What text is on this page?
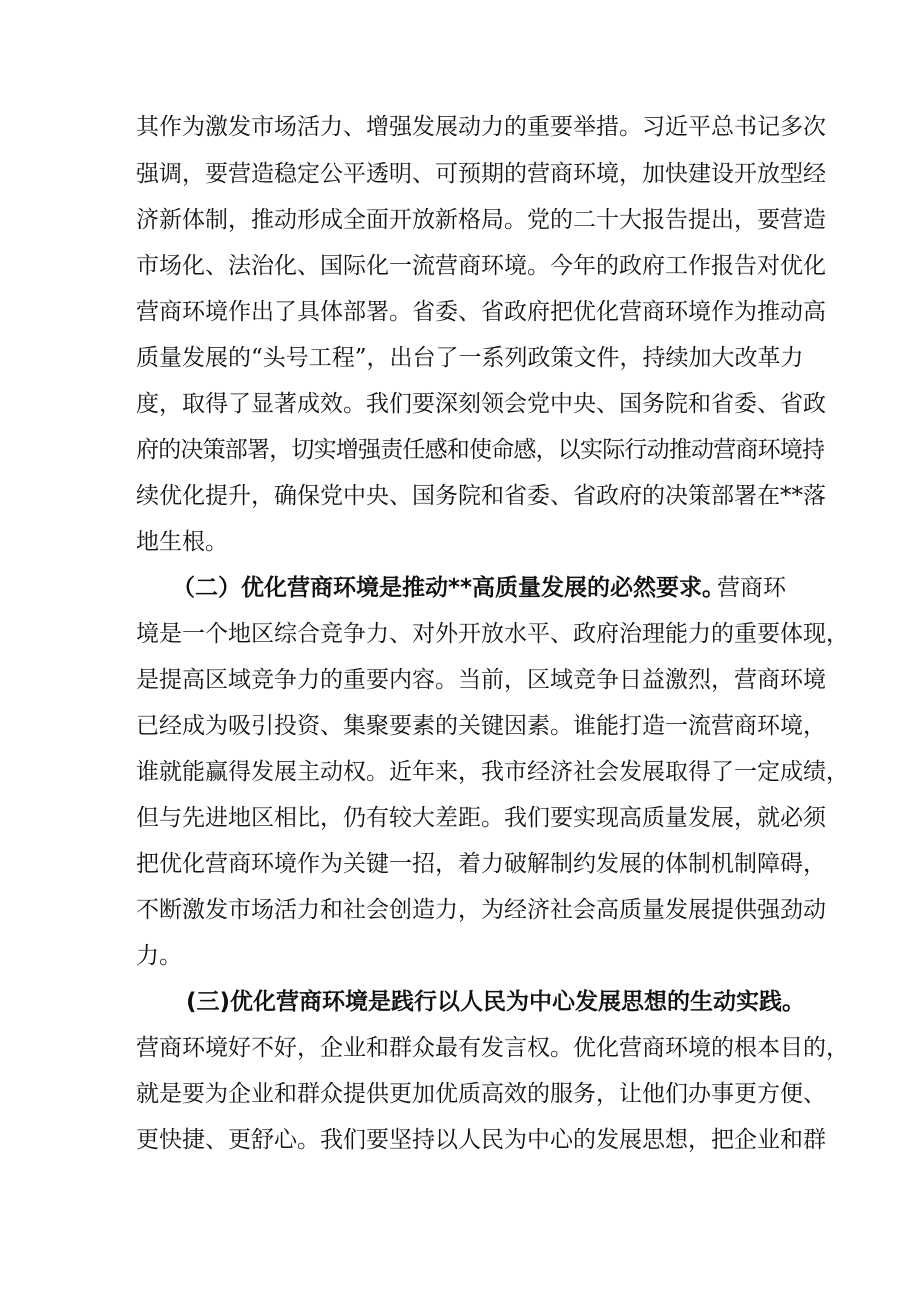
其作为激发市场活力、增强发展动力的重要举措。习近平总书记多次
强调，要营造稳定公平透明、可预期的营商环境，加快建设开放型经
济新体制，推动形成全面开放新格局。党的二十大报告提出，要营造
市场化、法治化、国际化一流营商环境。今年的政府工作报告对优化
营商环境作出了具体部署。省委、省政府把优化营商环境作为推动高
质量发展的“头号工程”，出台了一系列政策文件，持续加大改革力
度，取得了显著成效。我们要深刻领会党中央、国务院和省委、省政
府的决策部署，切实增强责任感和使命感，以实际行动推动营商环境持
续优化提升，确保党中央、国务院和省委、省政府的决策部署在**落
地生根。
（二）优化营商环境是推动**高质量发展的必然要求。
营商环
境是一个地区综合竞争力、对外开放水平、政府治理能力的重要体现，
是提高区域竞争力的重要内容。当前，区域竞争日益激烈，营商环境
已经成为吸引投资、集聚要素的关键因素。谁能打造一流营商环境，
谁就能赢得发展主动权。近年来，我市经济社会发展取得了一定成绩，
但与先进地区相比，仍有较大差距。我们要实现高质量发展，就必须
把优化营商环境作为关键一招，着力破解制约发展的体制机制障碍，
不断激发市场活力和社会创造力，为经济社会高质量发展提供强劲动
力。
(三)优化营商环境是践行以人民为中心发展思想的生动实践。
营商环境好不好，企业和群众最有发言权。优化营商环境的根本目的，
就是要为企业和群众提供更加优质高效的服务，让他们办事更方便、
更快捷、更舒心。我们要坚持以人民为中心的发展思想，把企业和群
